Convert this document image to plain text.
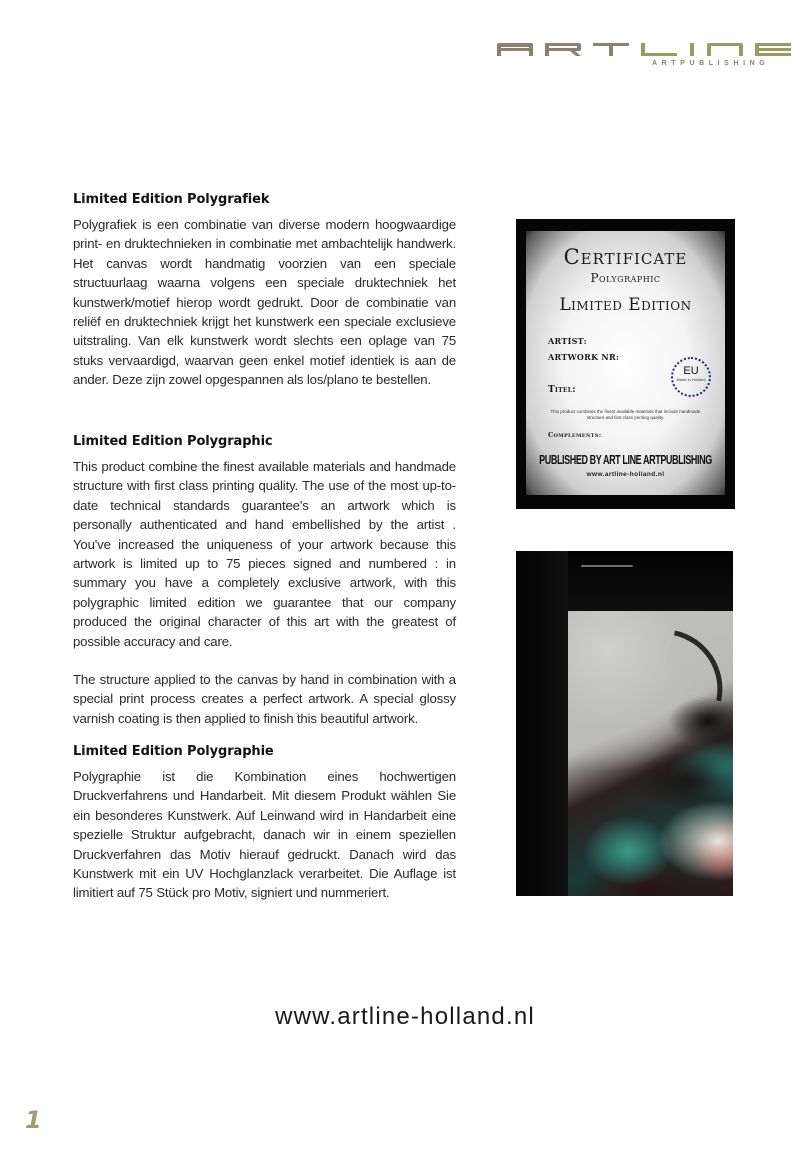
ARTPUBLISHING
Limited Edition Polygrafiek

Polygrafiek is een combinatie van diverse modern hoogwaardige print- en druktechnieken in combinatie met ambachtelijk handwerk. Het canvas wordt handmatig voorzien van een speciale structuurlaag waarna volgens een speciale druktechniek het kunstwerk/motief hierop wordt gedrukt. Door de combinatie van reliëf en druktechniek krijgt het kunstwerk een speciale exclusieve uitstraling. Van elk kunstwerk wordt slechts een oplage van 75 stuks vervaardigd, waarvan geen enkel motief identiek is aan de ander. Deze zijn zowel opgespannen als los/plano te bestellen.

Limited Edition Polygraphic

This product combine the finest available materials and handmade structure with first class printing quality. The use of the most up-to-date technical standards guarantee's an artwork which is personally authenticated and hand embellished by the artist . You've increased the uniqueness of your artwork because this artwork is limited up to 75 pieces signed and numbered : in summary you have a completely exclusive artwork, with this polygraphic limited edition we guarantee that our company produced the original character of this art with the greatest of possible accuracy and care.

The structure applied to the canvas by hand in combination with a special print process creates a perfect artwork. A special glossy varnish coating is then applied to finish this beautiful artwork.

Limited Edition Polygraphie

Polygraphie ist die Kombination eines hochwertigen Druckverfahrens und Handarbeit. Mit diesem Produkt wählen Sie ein besonderes Kunstwerk. Auf Leinwand wird in Handarbeit eine spezielle Struktur aufgebracht, danach wir in einem speziellen Druckverfahren das Motiv hierauf gedruckt. Danach wird das Kunstwerk mit ein UV Hochglanzlack verarbeitet. Die Auflage ist limitiert auf 75 Stück pro Motiv, signiert und nummeriert.

Certificate
Polygraphic
Limited Edition
ARTIST:
ARTWORK NR:
EU
Made in Holland
Titel:
This product combines the finest available materials that include handmade structure and first class printing quality.
Complements:
PUBLISHED BY ART LINE ARTPUBLISHING
www.artline-holland.nl
www.artline-holland.nl
1
